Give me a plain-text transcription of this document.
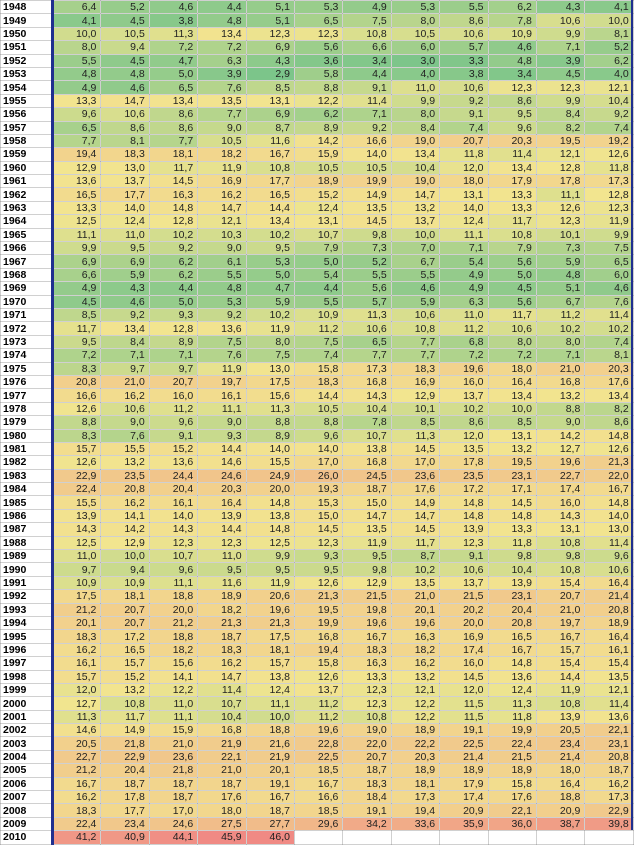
1948	6,4	5,2	4,6	4,4	5,1	5,3	4,9	5,3	5,5	6,2	4,3	4,1
1949	4,1	4,5	3,8	4,8	5,1	6,5	7,5	8,0	8,6	7,8	10,6	10,0
1950	10,0	10,5	11,3	13,4	12,3	12,3	10,8	10,5	10,6	10,9	9,9	8,1
1951	8,0	9,4	7,2	7,2	6,9	5,6	6,6	6,0	5,7	4,6	7,1	5,2
1952	5,5	4,5	4,7	6,3	4,3	3,6	3,4	3,0	3,3	4,8	3,9	6,2
1953	4,8	4,8	5,0	3,9	2,9	5,8	4,4	4,0	3,8	3,4	4,5	4,0
1954	4,9	4,6	6,5	7,6	8,5	8,8	9,1	11,0	10,6	12,3	12,3	12,1
1955	13,3	14,7	13,4	13,5	13,1	12,2	11,4	9,9	9,2	8,6	9,9	10,4
1956	9,6	10,6	8,6	7,7	6,9	6,2	7,1	8,0	9,1	9,5	8,4	9,2
1957	6,5	8,6	8,6	9,0	8,7	8,9	9,2	8,4	7,4	9,6	8,2	7,4
1958	7,7	8,1	7,7	10,5	11,6	14,2	16,6	19,0	20,7	20,3	19,5	19,2
1959	19,4	18,3	18,1	18,2	16,7	15,9	14,0	13,4	11,8	11,4	12,1	12,6
1960	12,9	13,0	11,7	11,9	10,8	10,5	10,5	10,4	12,0	13,4	12,8	11,8
1961	13,6	13,7	14,5	16,9	17,7	18,9	19,9	19,0	18,0	17,9	17,8	17,3
1962	16,5	17,7	16,3	16,2	16,5	15,2	14,9	14,7	13,1	13,3	11,1	12,8
1963	13,3	14,0	14,8	14,7	14,4	12,4	13,5	13,2	14,0	13,3	12,6	12,3
1964	12,5	12,4	12,8	12,1	13,4	13,1	14,5	13,7	12,4	11,7	12,3	11,9
1965	11,1	11,0	10,2	10,3	10,2	10,7	9,8	10,0	11,1	10,8	10,1	9,9
1966	9,9	9,5	9,2	9,0	9,5	7,9	7,3	7,0	7,1	7,9	7,3	7,5
1967	6,9	6,9	6,2	6,1	5,3	5,0	5,2	6,7	5,4	5,6	5,9	6,5
1968	6,6	5,9	6,2	5,5	5,0	5,4	5,5	5,5	4,9	5,0	4,8	6,0
1969	4,9	4,3	4,4	4,8	4,7	4,4	5,6	4,6	4,9	4,5	5,1	4,6
1970	4,5	4,6	5,0	5,3	5,9	5,5	5,7	5,9	6,3	5,6	6,7	7,6
1971	8,5	9,2	9,3	9,2	10,2	10,9	11,3	10,6	11,0	11,7	11,2	11,4
1972	11,7	13,4	12,8	13,6	11,9	11,2	10,6	10,8	11,2	10,6	10,2	10,2
1973	9,5	8,4	8,9	7,5	8,0	7,5	6,5	7,7	6,8	8,0	8,0	7,4
1974	7,2	7,1	7,1	7,6	7,5	7,4	7,7	7,7	7,2	7,2	7,1	8,1
1975	8,3	9,7	9,7	11,9	13,0	15,8	17,3	18,3	19,6	18,0	21,0	20,3
1976	20,8	21,0	20,7	19,7	17,5	18,3	16,8	16,9	16,0	16,4	16,8	17,6
1977	16,6	16,2	16,0	16,1	15,6	14,4	14,3	12,9	13,7	13,4	13,2	13,4
1978	12,6	10,6	11,2	11,1	11,3	10,5	10,4	10,1	10,2	10,0	8,8	8,2
1979	8,8	9,0	9,6	9,0	8,8	8,8	7,8	8,5	8,6	8,5	9,0	8,6
1980	8,3	7,6	9,1	9,3	8,9	9,6	10,7	11,3	12,0	13,1	14,2	14,8
1981	15,7	15,5	15,2	14,4	14,0	14,0	13,8	14,5	13,5	13,2	12,7	12,6
1982	12,6	13,2	13,6	14,6	15,5	17,0	16,8	17,0	17,8	19,5	19,6	21,3
1983	22,9	23,5	24,4	24,6	24,9	26,0	24,5	23,6	23,5	23,1	22,7	22,0
1984	22,4	20,8	20,4	20,3	20,0	19,3	18,7	17,6	17,2	17,1	17,4	16,7
1985	15,5	16,2	16,1	16,4	14,8	15,3	15,0	14,9	14,8	14,5	16,0	14,8
1986	13,9	14,1	14,0	13,9	13,8	15,0	14,7	14,7	14,8	14,8	14,3	14,0
1987	14,3	14,2	14,3	14,4	14,8	14,5	13,5	14,5	13,9	13,3	13,1	13,0
1988	12,5	12,9	12,3	12,3	12,5	12,3	11,9	11,7	12,3	11,8	10,8	11,4
1989	11,0	10,0	10,7	11,0	9,9	9,3	9,5	8,7	9,1	9,8	9,8	9,6
1990	9,7	9,4	9,6	9,5	9,5	9,5	9,8	10,2	10,6	10,4	10,8	10,6
1991	10,9	10,9	11,1	11,6	11,9	12,6	12,9	13,5	13,7	13,9	15,4	16,4
1992	17,5	18,1	18,8	18,9	20,6	21,3	21,5	21,0	21,5	23,1	20,7	21,4
1993	21,2	20,7	20,0	18,2	19,6	19,5	19,8	20,1	20,2	20,4	21,0	20,8
1994	20,1	20,7	21,2	21,3	21,3	19,9	19,6	19,6	20,0	20,8	19,7	18,9
1995	18,3	17,2	18,8	18,7	17,5	16,8	16,7	16,3	16,9	16,5	16,7	16,4
1996	16,2	16,5	18,2	18,3	18,1	19,4	18,3	18,2	17,4	16,7	15,7	16,1
1997	16,1	15,7	15,6	16,2	15,7	15,8	16,3	16,2	16,0	14,8	15,4	15,4
1998	15,7	15,2	14,1	14,7	13,8	12,6	13,3	13,2	14,5	13,6	14,4	13,5
1999	12,0	13,2	12,2	11,4	12,4	13,7	12,3	12,1	12,0	12,4	11,9	12,1
2000	12,7	10,8	11,0	10,7	11,1	11,2	12,3	12,2	11,5	11,3	10,8	11,4
2001	11,3	11,7	11,1	10,4	10,0	11,2	10,8	12,2	11,5	11,8	13,9	13,6
2002	14,6	14,9	15,9	16,8	18,8	19,6	19,0	18,9	19,1	19,9	20,5	22,1
2003	20,5	21,8	21,0	21,9	21,6	22,8	22,0	22,2	22,5	22,4	23,4	23,1
2004	22,7	22,9	23,6	22,1	21,9	22,5	20,7	20,3	21,4	21,5	21,4	20,8
2005	21,2	20,4	21,8	21,0	20,1	18,5	18,7	18,9	18,9	18,9	18,0	18,7
2006	16,7	18,7	18,7	18,7	19,1	16,7	18,3	18,1	17,9	15,8	16,4	16,2
2007	16,2	17,8	18,7	17,6	16,7	16,6	18,4	17,3	17,4	17,6	18,8	17,3
2008	18,3	17,7	17,0	18,0	18,7	18,5	19,1	19,4	20,9	22,1	20,9	22,9
2009	22,4	23,4	24,6	27,5	27,7	29,6	34,2	33,6	35,9	36,0	38,7	39,8
2010	41,2	40,9	44,1	45,9	46,0							
